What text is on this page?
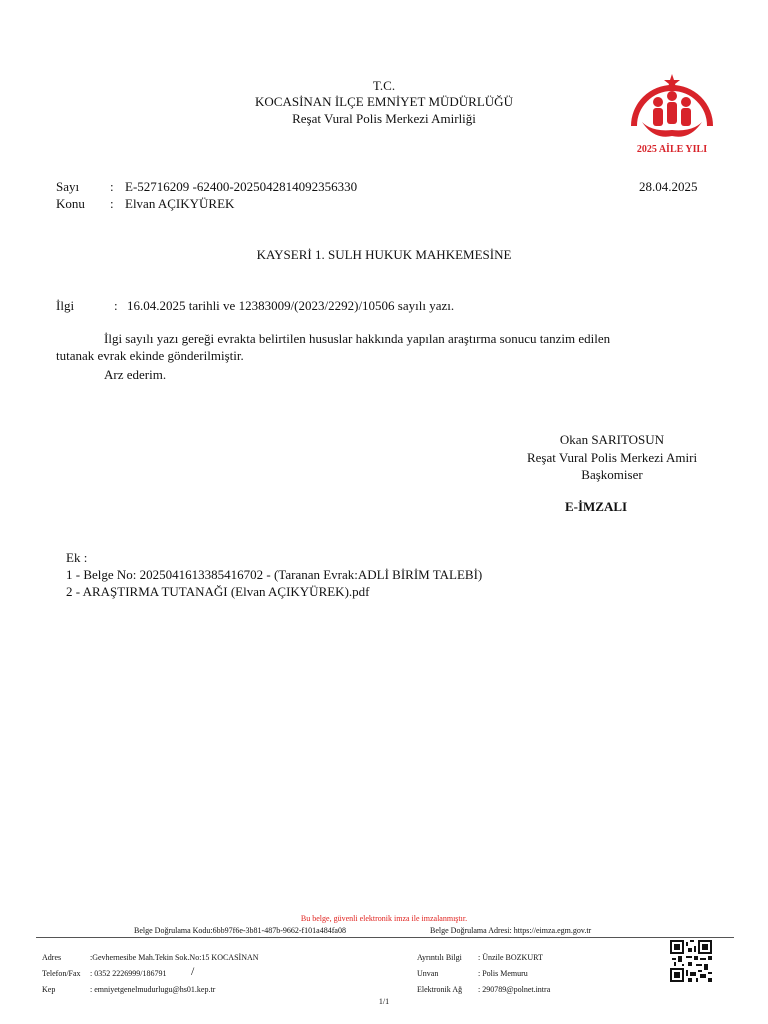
T.C.
KOCASİNAN İLÇE EMNİYET MÜDÜRLÜĞÜ
Reşat Vural Polis Merkezi Amirliği
2025 AİLE YILI
Sayı : E-52716209 -62400-2025042814092356330	28.04.2025
Konu : Elvan AÇIKYÜREK
KAYSERİ 1. SULH HUKUK MAHKEMESİNE
İlgi	: 16.04.2025 tarihli ve 12383009/(2023/2292)/10506 sayılı yazı.
İlgi sayılı yazı gereği evrakta belirtilen hususlar hakkında yapılan araştırma sonucu tanzim edilen
tutanak evrak ekinde gönderilmiştir.
Arz ederim.
Okan SARITOSUN
Reşat Vural Polis Merkezi Amiri
Başkomiser
E-İMZALI
Ek :
1 - Belge No: 2025041613385416702 - (Taranan Evrak:ADLİ BİRİM TALEBİ)
2 - ARAŞTIRMA TUTANAĞI (Elvan AÇIKYÜREK).pdf
Bu belge, güvenli elektronik imza ile imzalanmıştır.
Belge Doğrulama Kodu:6bb97f6e-3b81-487b-9662-f101a484fa08	Belge Doğrulama Adresi: https://eimza.egm.gov.tr
Adres	:Gevhernesibe Mah.Tekin Sok.No:15 KOCASİNAN
Telefon/Fax : 0352 2226999/186791 /
Kep	: emniyetgenelmudurlugu@hs01.kep.tr
Ayrıntılı Bilgi : Ünzile BOZKURT
Unvan	: Polis Memuru
Elektronik Ağ : 290789@polnet.intra
1/1
